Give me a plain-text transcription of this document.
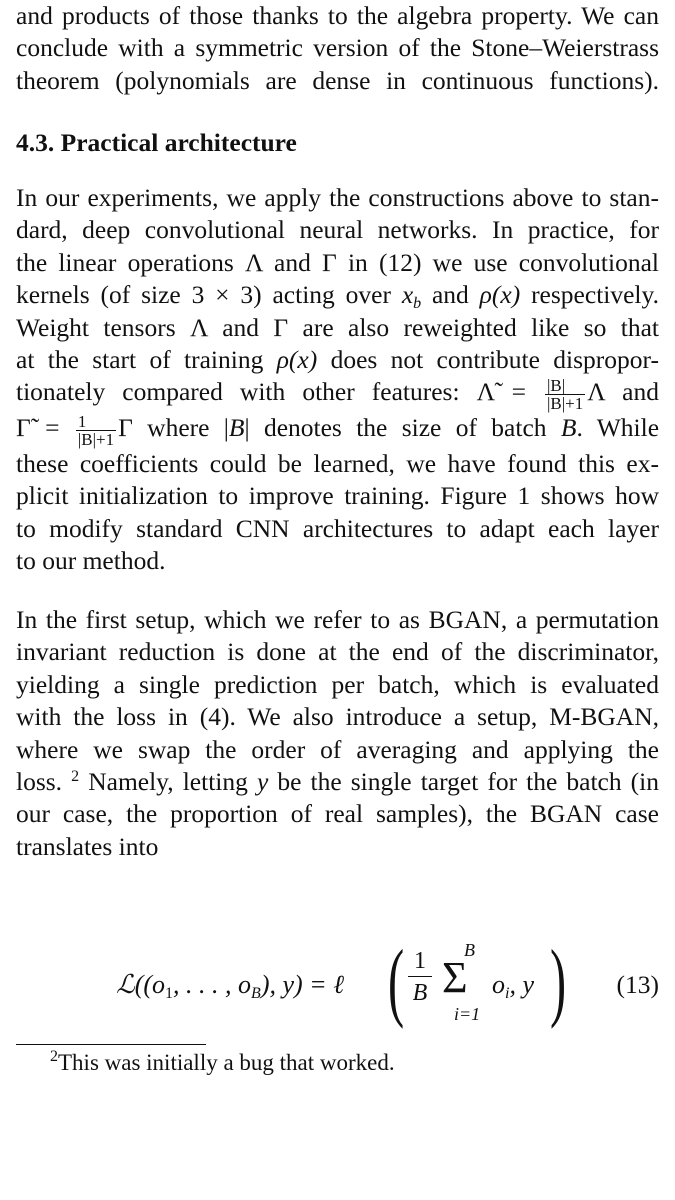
and products of those thanks to the algebra property. We can
conclude with a symmetric version of the Stone–Weierstrass
theorem (polynomials are dense in continuous functions).
4.3. Practical architecture
In our experiments, we apply the constructions above to stan-
dard, deep convolutional neural networks. In practice, for
the linear operations Λ and Γ in (12) we use convolutional
kernels (of size 3 × 3) acting over $x_b$ and ρ(x) respectively.
Weight tensors Λ and Γ are also reweighted like so that
at the start of training ρ(x) does not contribute dispropor-
tionately compared with other features: Λ̃ = $\frac{|B|}{|B|+1}$ Λ and
Γ̃ = $\frac{1}{|B|+1}$ Γ where |B| denotes the size of batch B. While
these coefficients could be learned, we have found this ex-
plicit initialization to improve training. Figure 1 shows how
to modify standard CNN architectures to adapt each layer
to our method.
In the first setup, which we refer to as BGAN, a permutation
invariant reduction is done at the end of the discriminator,
yielding a single prediction per batch, which is evaluated
with the loss in (4). We also introduce a setup, M-BGAN,
where we swap the order of averaging and applying the
loss. $^2$ Namely, letting y be the single target for the batch (in
our case, the proportion of real samples), the BGAN case
translates into
$ℒ((o_1$, . . . , $o_B$), y) = ℓ ( 1
B
B
Σ
i=1
$o_i$, y ) (13)
$^2$This was initially a bug that worked.
